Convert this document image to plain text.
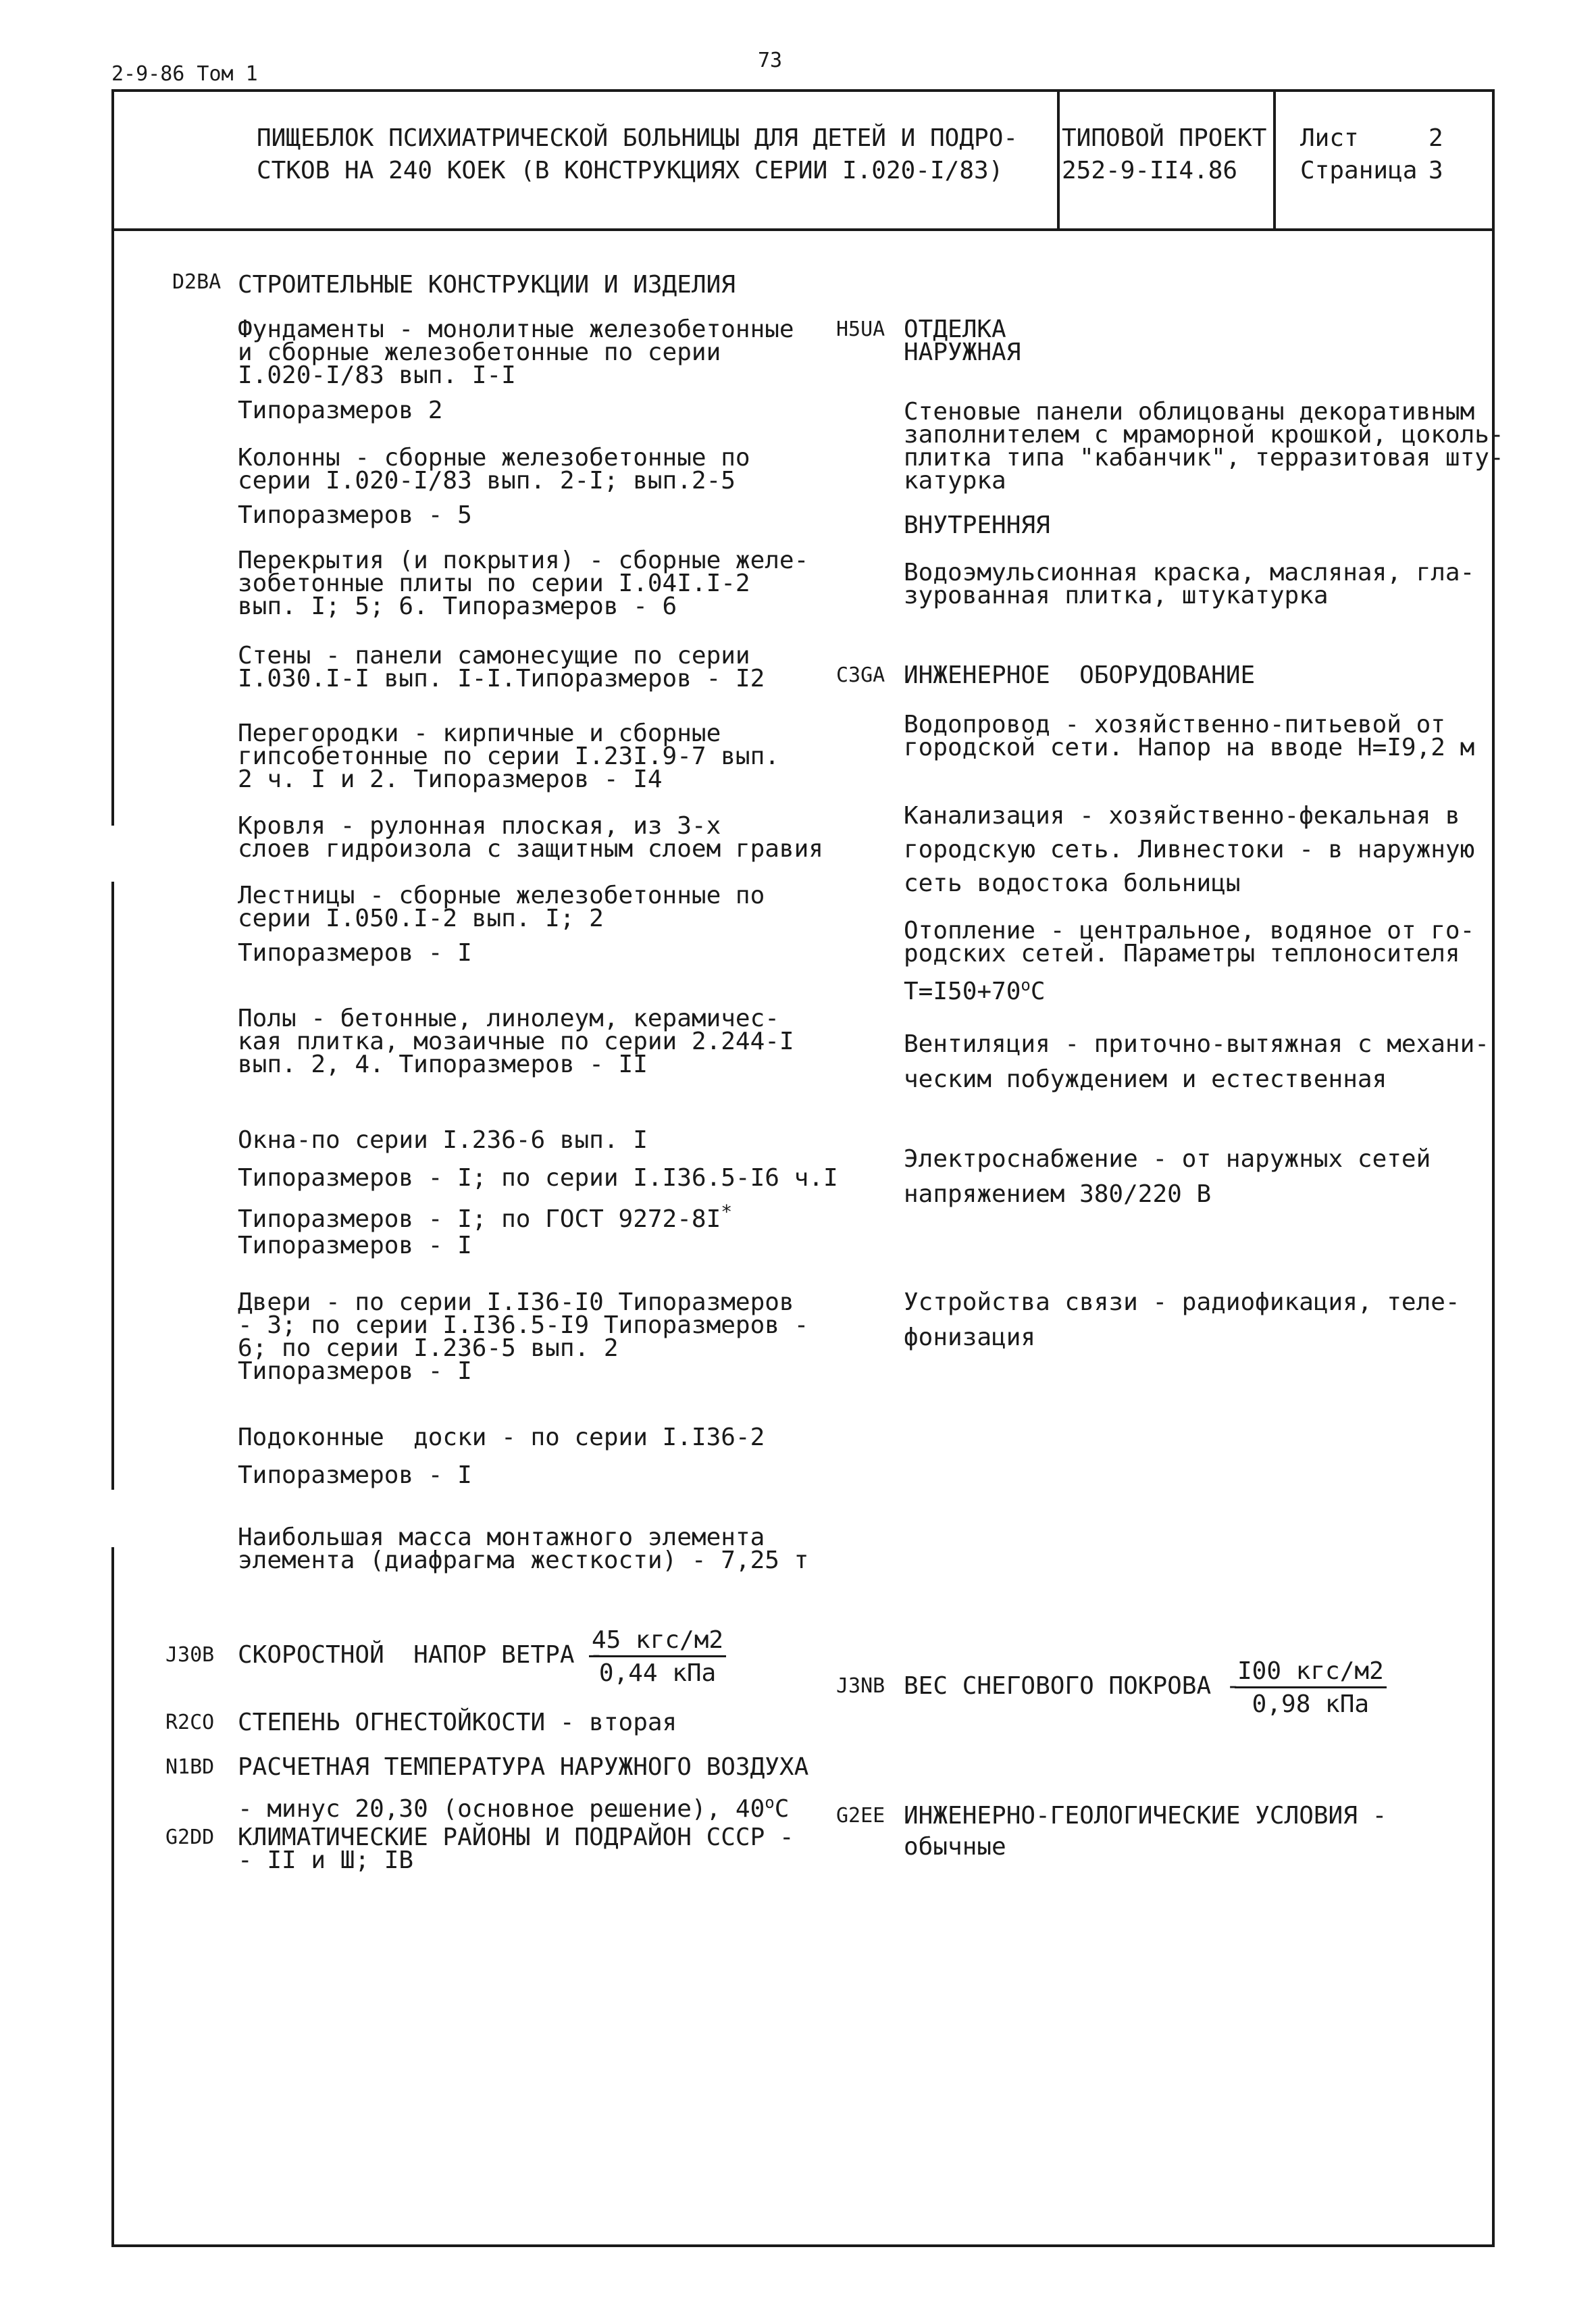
2-9-86 Том 1
73
ПИЩЕБЛОК ПСИХИАТРИЧЕСКОЙ БОЛЬНИЦЫ ДЛЯ ДЕТЕЙ И ПОДРО-
СТКОВ НА 240 КОЕК (В КОНСТРУКЦИЯХ СЕРИИ I.020-I/83)
ТИПОВОЙ ПРОЕКТ
252-9-II4.86
Лист	2
Страница 3
D2BA СТРОИТЕЛЬНЫЕ КОНСТРУКЦИИ И ИЗДЕЛИЯ
Фундаменты - монолитные железобетонные
и сборные железобетонные по серии
I.020-I/83 вып. I-I
Типоразмеров 2
Колонны - сборные железобетонные по
серии I.020-I/83 вып. 2-I; вып.2-5
Типоразмеров - 5
Перекрытия (и покрытия) - сборные желе-
зобетонные плиты по серии I.04I.I-2
вып. I; 5; 6. Типоразмеров - 6
Стены - панели самонесущие по серии
I.030.I-I вып. I-I.Типоразмеров - I2
Перегородки - кирпичные и сборные
гипсобетонные по серии I.23I.9-7 вып.
2 ч. I и 2. Типоразмеров - I4
Кровля - рулонная плоская, из 3-х
слоев гидроизола с защитным слоем гравия
Лестницы - сборные железобетонные по
серии I.050.I-2 вып. I; 2
Типоразмеров - I
Полы - бетонные, линолеум, керамичес-
кая плитка, мозаичные по серии 2.244-I
вып. 2, 4. Типоразмеров - II
Окна-по серии I.236-6 вып. I
Типоразмеров - I; по серии I.I36.5-I6 ч.I
Типоразмеров - I; по ГОСТ 9272-8I*
Типоразмеров - I
Двери - по серии I.I36-I0 Типоразмеров
- 3; по серии I.I36.5-I9 Типоразмеров -
6; по серии I.236-5 вып. 2
Типоразмеров - I
Подоконные  доски - по серии I.I36-2
Типоразмеров - I
Наибольшая масса монтажного элемента
элемента (диафрагма жесткости) - 7,25 т
H5UA ОТДЕЛКА
НАРУЖНАЯ
Стеновые панели облицованы декоративным
заполнителем с мраморной крошкой, цоколь-
плитка типа "кабанчик", терразитовая шту-
катурка
ВНУТРЕННЯЯ
Водоэмульсионная краска, масляная, гла-
зурованная плитка, штукатурка
C3GA ИНЖЕНЕРНОЕ  ОБОРУДОВАНИЕ
Водопровод - хозяйственно-питьевой от
городской сети. Напор на вводе Н=I9,2 м
Канализация - хозяйственно-фекальная в
городскую сеть. Ливнестоки - в наружную
сеть водостока больницы
Отопление - центральное, водяное от го-
родских сетей. Параметры теплоносителя
$Т=I50+70^оС$
Вентиляция - приточно-вытяжная с механи-
ческим побуждением и естественная
Электроснабжение - от наружных сетей
напряжением 380/220 В
Устройства связи - радиофикация, теле-
фонизация
J30B СКОРОСТНОЙ  НАПОР ВЕТРА -
45 кгс/м2
0,44 кПа
R2CO СТЕПЕНЬ ОГНЕСТОЙКОСТИ - вторая
N1BD РАСЧЕТНАЯ ТЕМПЕРАТУРА НАРУЖНОГО ВОЗДУХА
- минус 20,30 (основное решение), $40^оС$
G2DD КЛИМАТИЧЕСКИЕ РАЙОНЫ И ПОДРАЙОН СССР -
- II и Ш; IВ
J3NB ВЕС СНЕГОВОГО ПОКРОВА -
I00 кгс/м2
0,98 кПа
G2EE ИНЖЕНЕРНО-ГЕОЛОГИЧЕСКИЕ УСЛОВИЯ -
обычные
